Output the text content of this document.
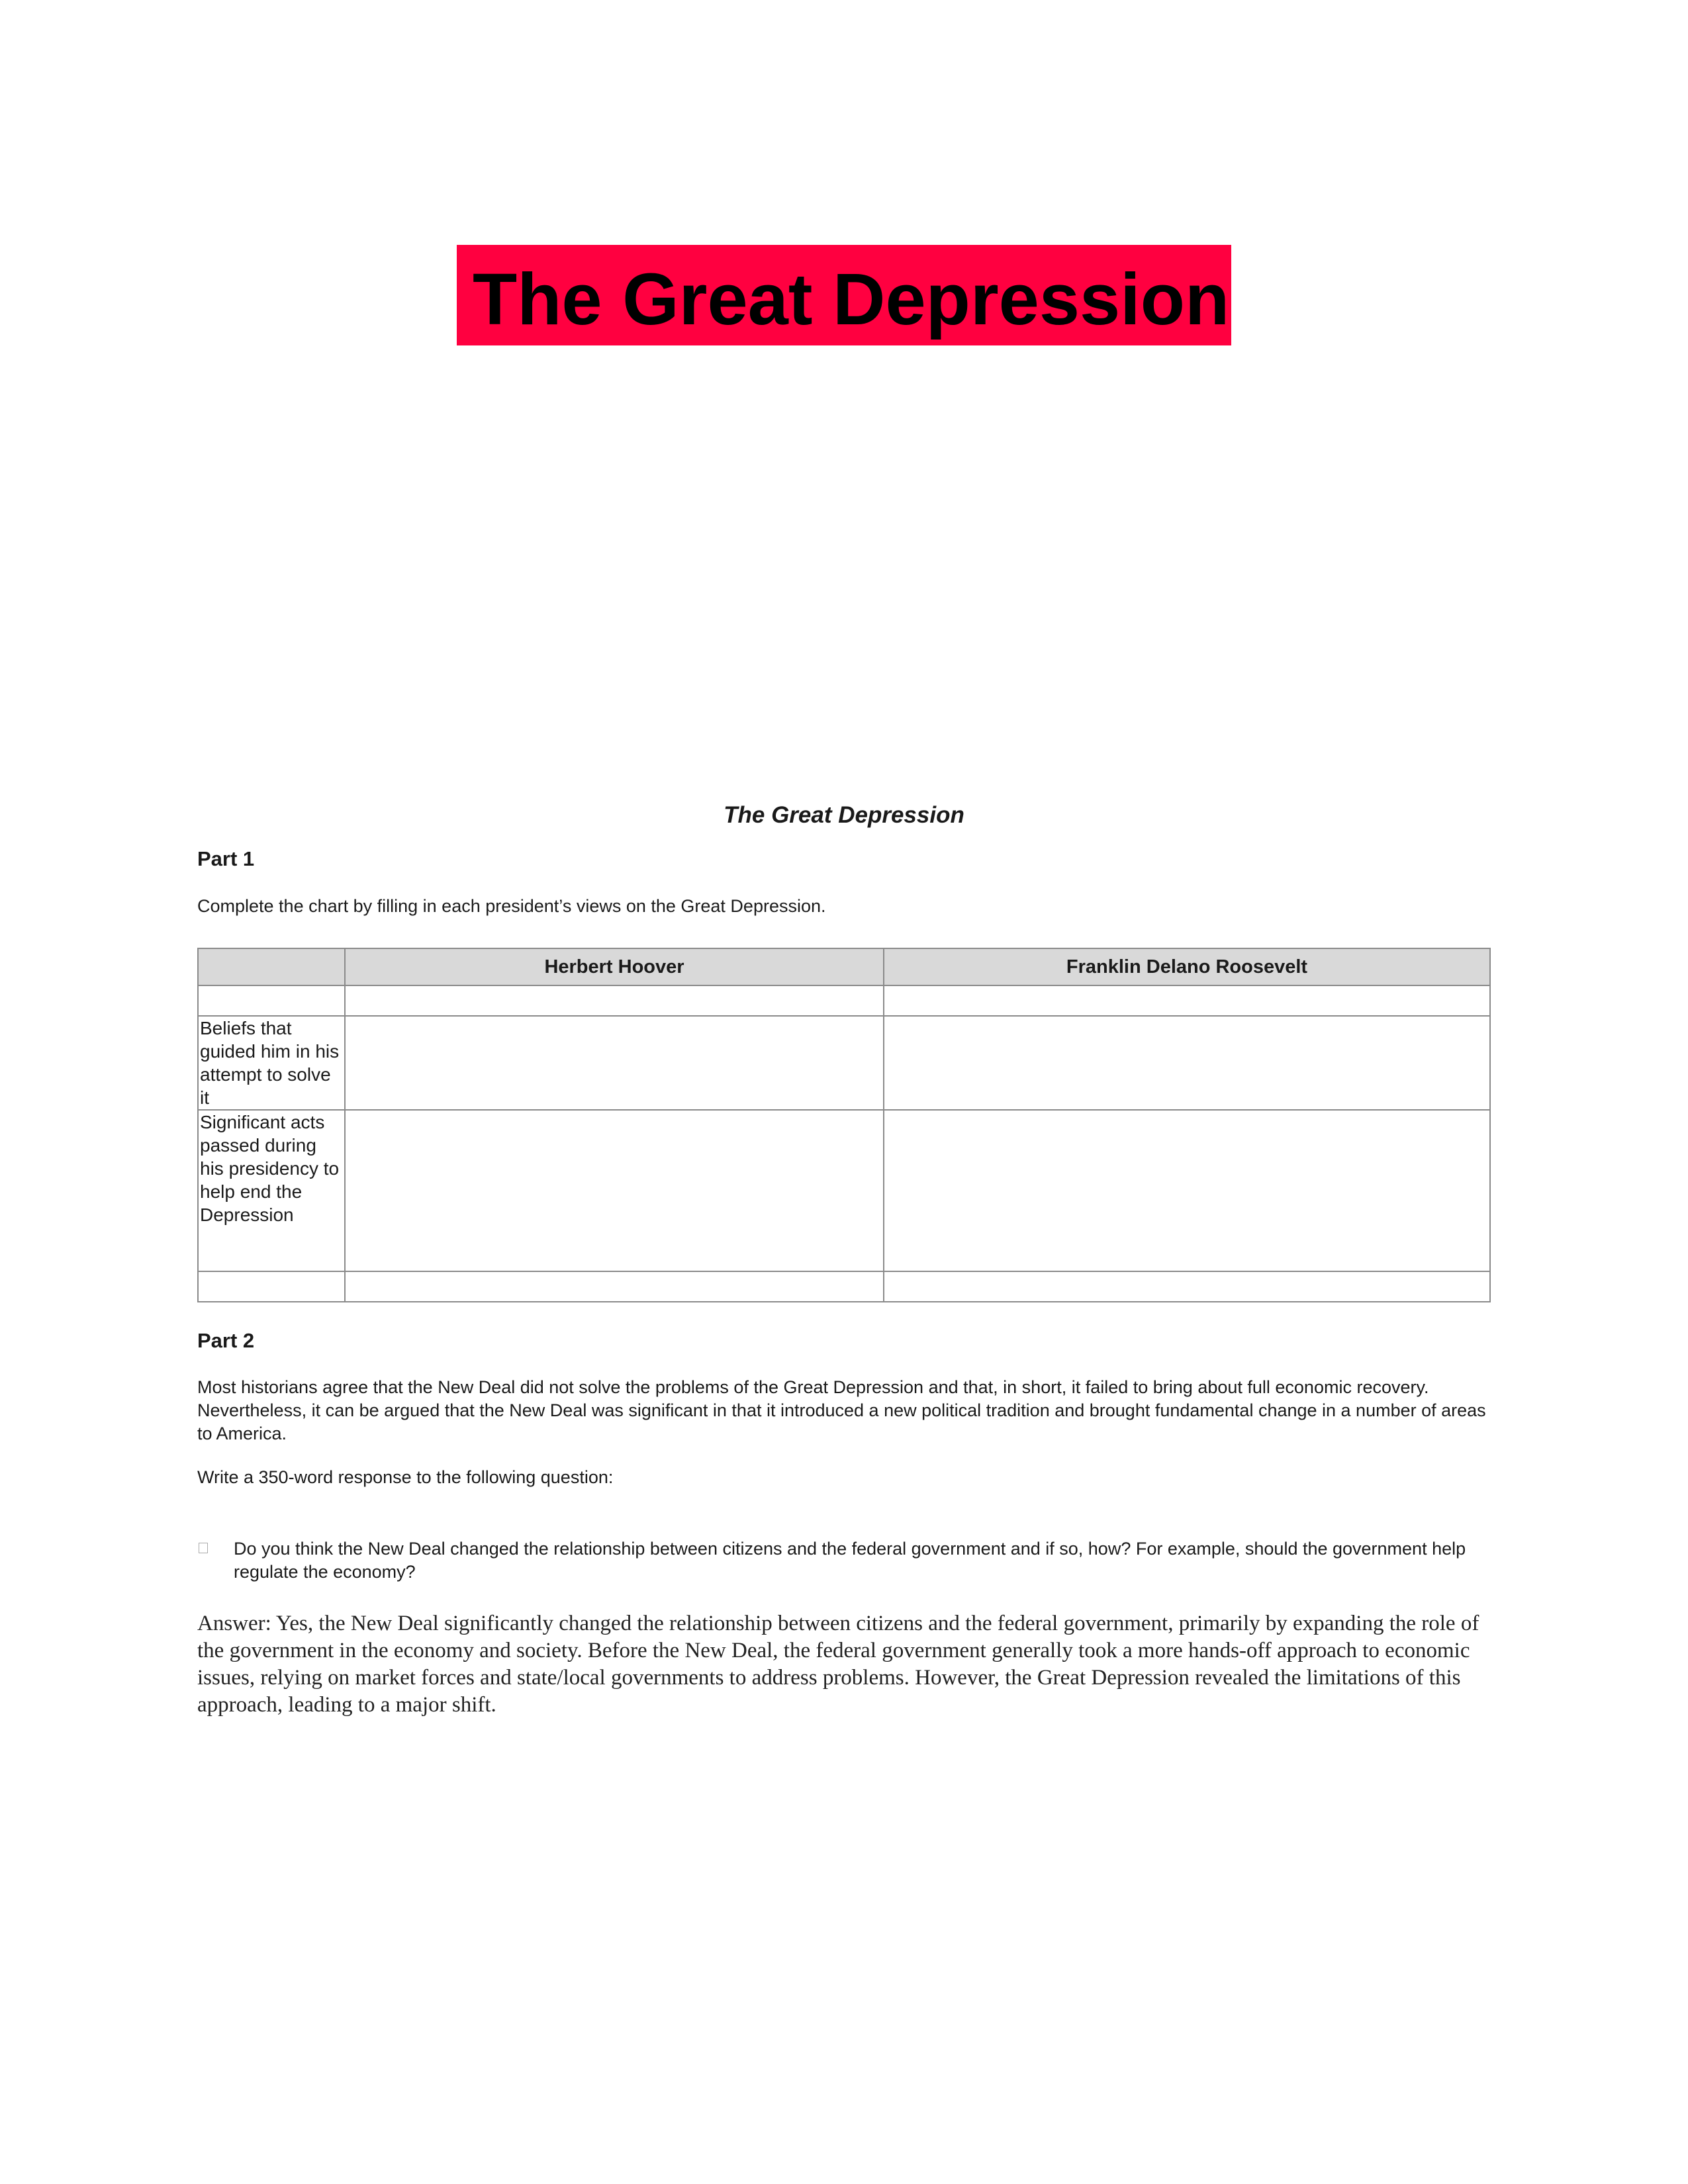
The Great Depression
The Great Depression
Part 1

Complete the chart by filling in each president’s views on the Great Depression.

	Herbert Hoover	Franklin Delano Roosevelt

Beliefs that guided him in his attempt to solve it		
Significant acts passed during his presidency to help end the Depression		

Part 2

Most historians agree that the New Deal did not solve the problems of the Great Depression and that, in short, it failed to bring about full economic recovery. Nevertheless, it can be argued that the New Deal was significant in that it introduced a new political tradition and brought fundamental change in a number of areas to America.

Write a 350-word response to the following question:

Do you think the New Deal changed the relationship between citizens and the federal government and if so, how? For example, should the government help regulate the economy?

Answer: Yes, the New Deal significantly changed the relationship between citizens and the federal government, primarily by expanding the role of the government in the economy and society. Before the New Deal, the federal government generally took a more hands-off approach to economic issues, relying on market forces and state/local governments to address problems. However, the Great Depression revealed the limitations of this approach, leading to a major shift.
